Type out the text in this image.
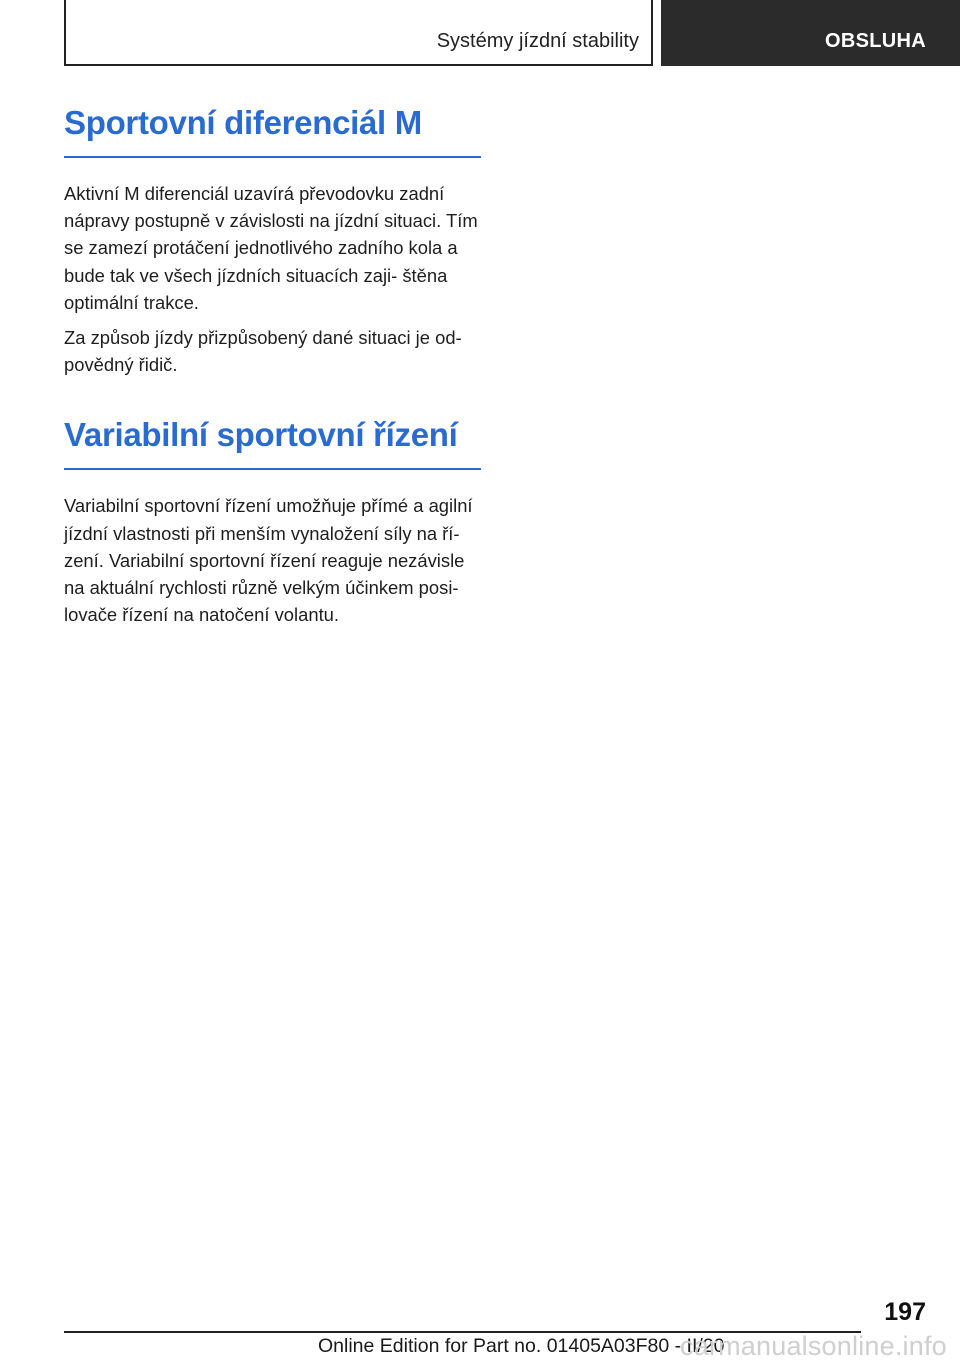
Systémy jízdní stability	OBSLUHA
Sportovní diferenciál M

Aktivní M diferenciál uzavírá převodovku zadní nápravy postupně v závislosti na jízdní situaci. Tím se zamezí protáčení jednotlivého zadního kola a bude tak ve všech jízdních situacích zaji‐ štěna optimální trakce.

Za způsob jízdy přizpůsobený dané situaci je od‐ povědný řidič.

Variabilní sportovní řízení

Variabilní sportovní řízení umožňuje přímé a agilní jízdní vlastnosti při menším vynaložení síly na ří‐ zení. Variabilní sportovní řízení reaguje nezávisle na aktuální rychlosti různě velkým účinkem posi‐ lovače řízení na natočení volantu.

197
Online Edition for Part no. 01405A03F80 - II/20
carmanualsonline.info
